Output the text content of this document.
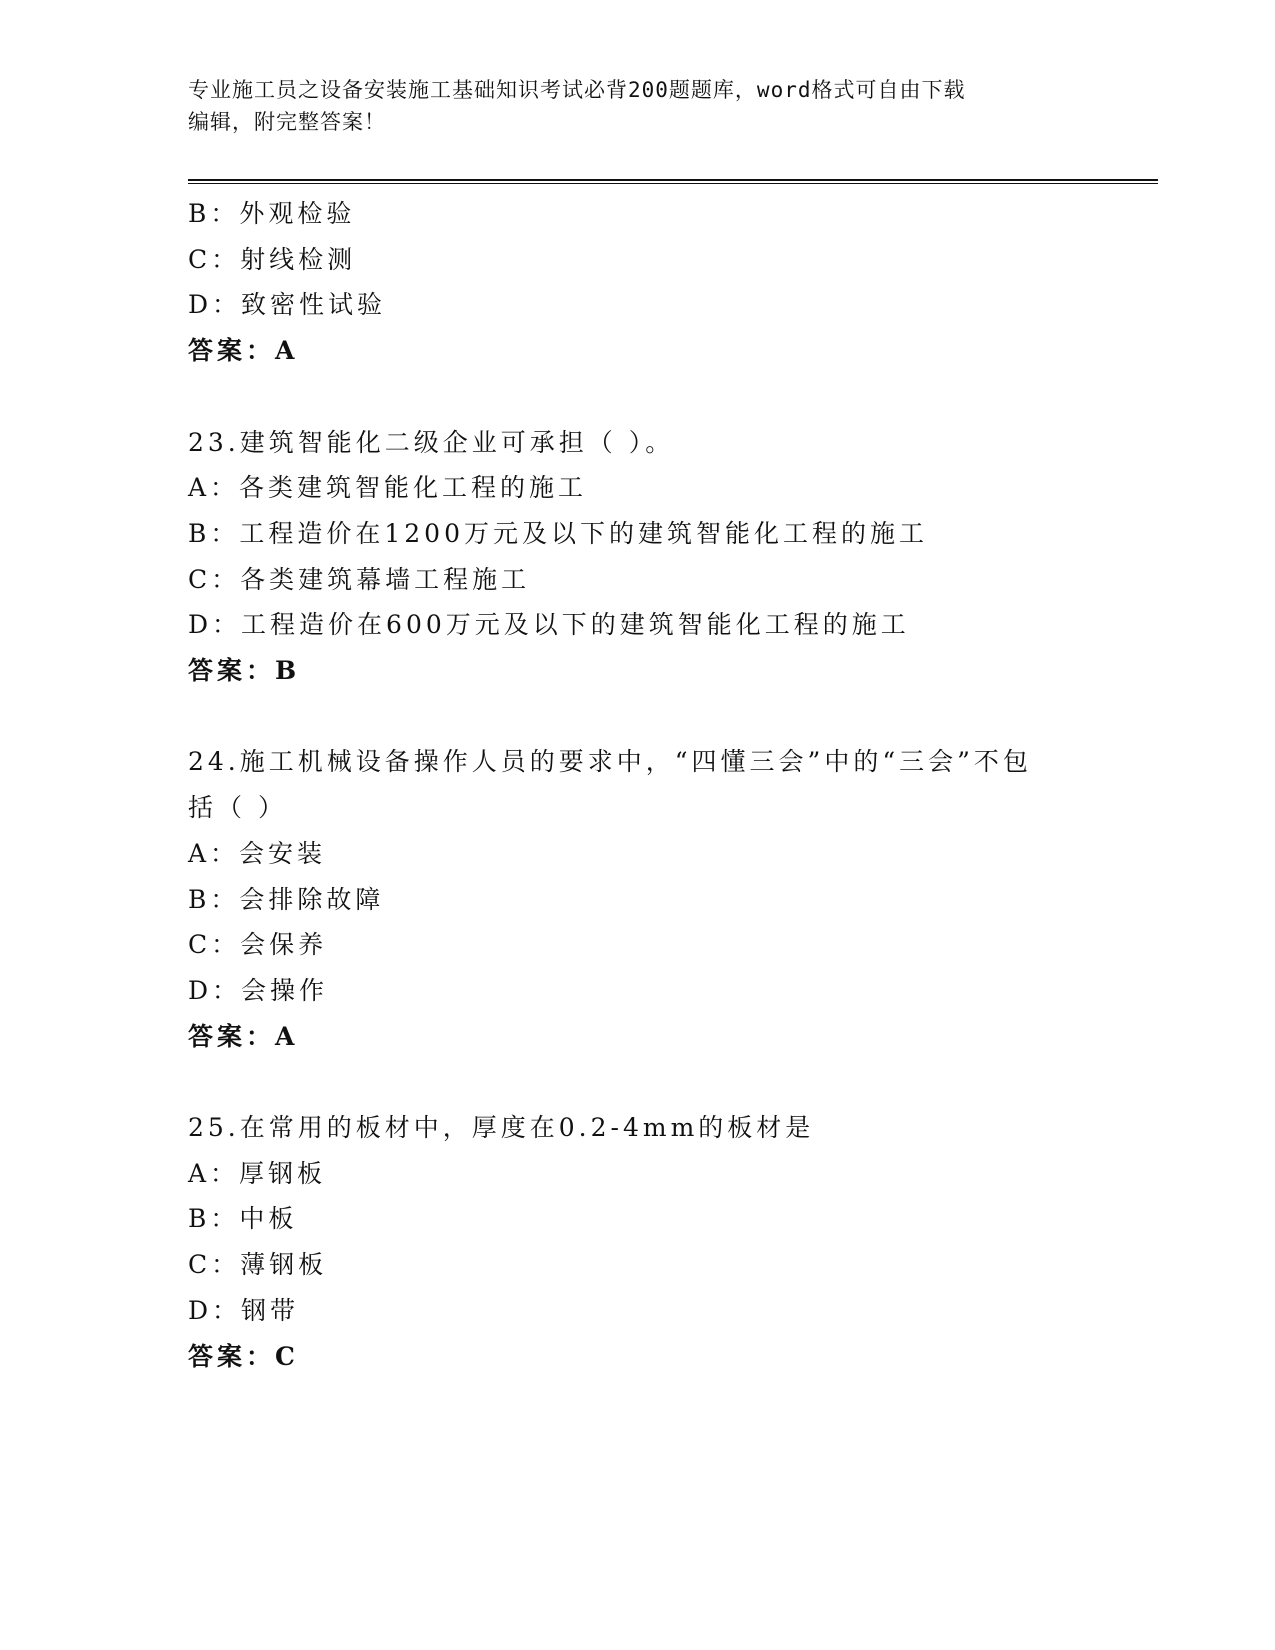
专业施工员之设备安装施工基础知识考试必背200题题库，word格式可自由下载
编辑，附完整答案！
B：外观检验
C：射线检测
D：致密性试验
答案：A
23.建筑智能化二级企业可承担（ ）。
A：各类建筑智能化工程的施工
B：工程造价在1200万元及以下的建筑智能化工程的施工
C：各类建筑幕墙工程施工
D：工程造价在600万元及以下的建筑智能化工程的施工
答案：B
24.施工机械设备操作人员的要求中，“四懂三会”中的“三会”不包
括（ ）
A：会安装
B：会排除故障
C：会保养
D：会操作
答案：A
25.在常用的板材中，厚度在0.2-4mm的板材是
A：厚钢板
B：中板
C：薄钢板
D：钢带
答案：C
